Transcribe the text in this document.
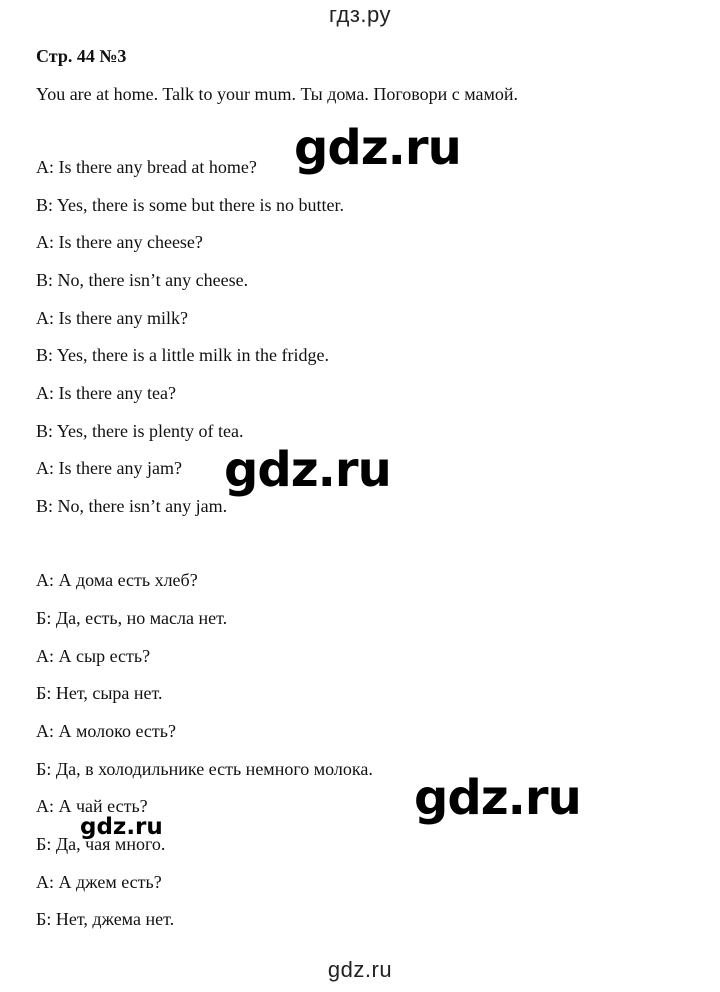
гдз.ру
Стр. 44 №3
You are at home. Talk to your mum. Ты дома. Поговори с мамой.
A: Is there any bread at home?
B: Yes, there is some but there is no butter.
A: Is there any cheese?
B: No, there isn’t any cheese.
A: Is there any milk?
B: Yes, there is a little milk in the fridge.
A: Is there any tea?
B: Yes, there is plenty of tea.
A: Is there any jam?
B: No, there isn’t any jam.
А: А дома есть хлеб?
Б: Да, есть, но масла нет.
А: А сыр есть?
Б: Нет, сыра нет.
А: А молоко есть?
Б: Да, в холодильнике есть немного молока.
А: А чай есть?
Б: Да, чая много.
А: А джем есть?
Б: Нет, джема нет.
gdz.ru
gdz.ru
gdz.ru
gdz.ru
gdz.ru
